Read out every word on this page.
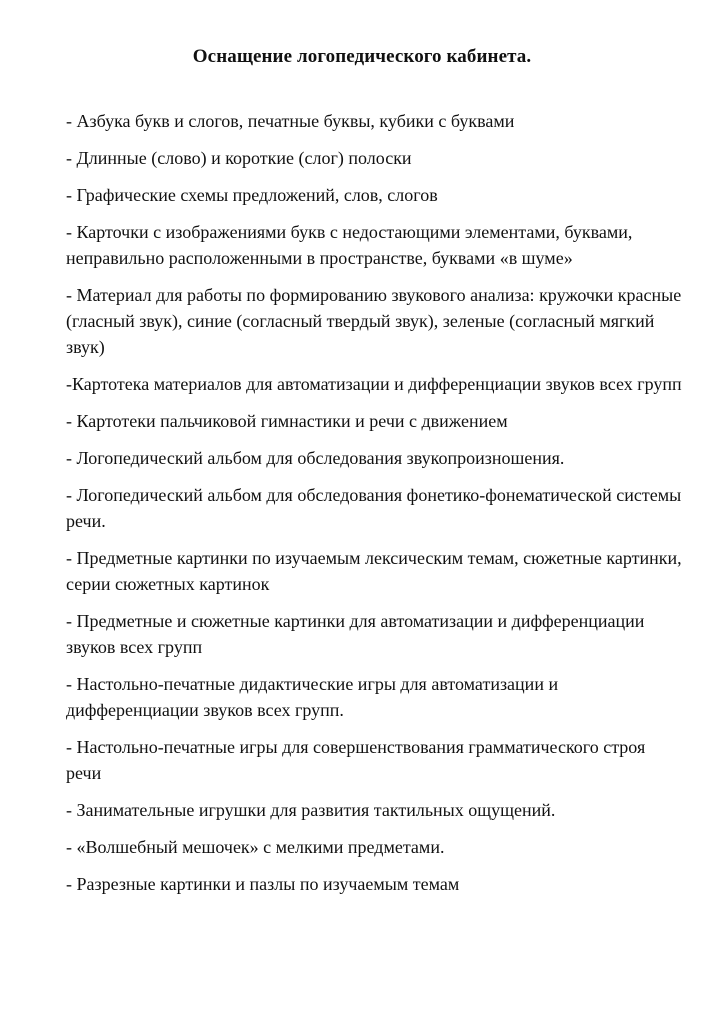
Оснащение логопедического кабинета.
- Азбука букв и слогов, печатные буквы, кубики с буквами
- Длинные (слово) и короткие (слог) полоски
- Графические схемы предложений, слов, слогов
- Карточки с изображениями букв с недостающими элементами, буквами, неправильно расположенными в пространстве, буквами «в шуме»
- Материал для работы по формированию звукового анализа: кружочки красные (гласный звук), синие (согласный твердый звук), зеленые (согласный мягкий звук)
-Картотека материалов для автоматизации и дифференциации звуков всех групп
- Картотеки пальчиковой гимнастики и речи с движением
- Логопедический альбом для обследования звукопроизношения.
- Логопедический альбом для обследования фонетико-фонематической системы речи.
- Предметные картинки по изучаемым лексическим темам, сюжетные картинки, серии сюжетных картинок
- Предметные и сюжетные картинки для автоматизации и дифференциации звуков всех групп
- Настольно-печатные дидактические игры для автоматизации и дифференциации звуков всех групп.
- Настольно-печатные игры для совершенствования грамматического строя речи
- Занимательные игрушки для развития тактильных ощущений.
- «Волшебный мешочек» с мелкими предметами.
- Разрезные картинки и пазлы по изучаемым темам
